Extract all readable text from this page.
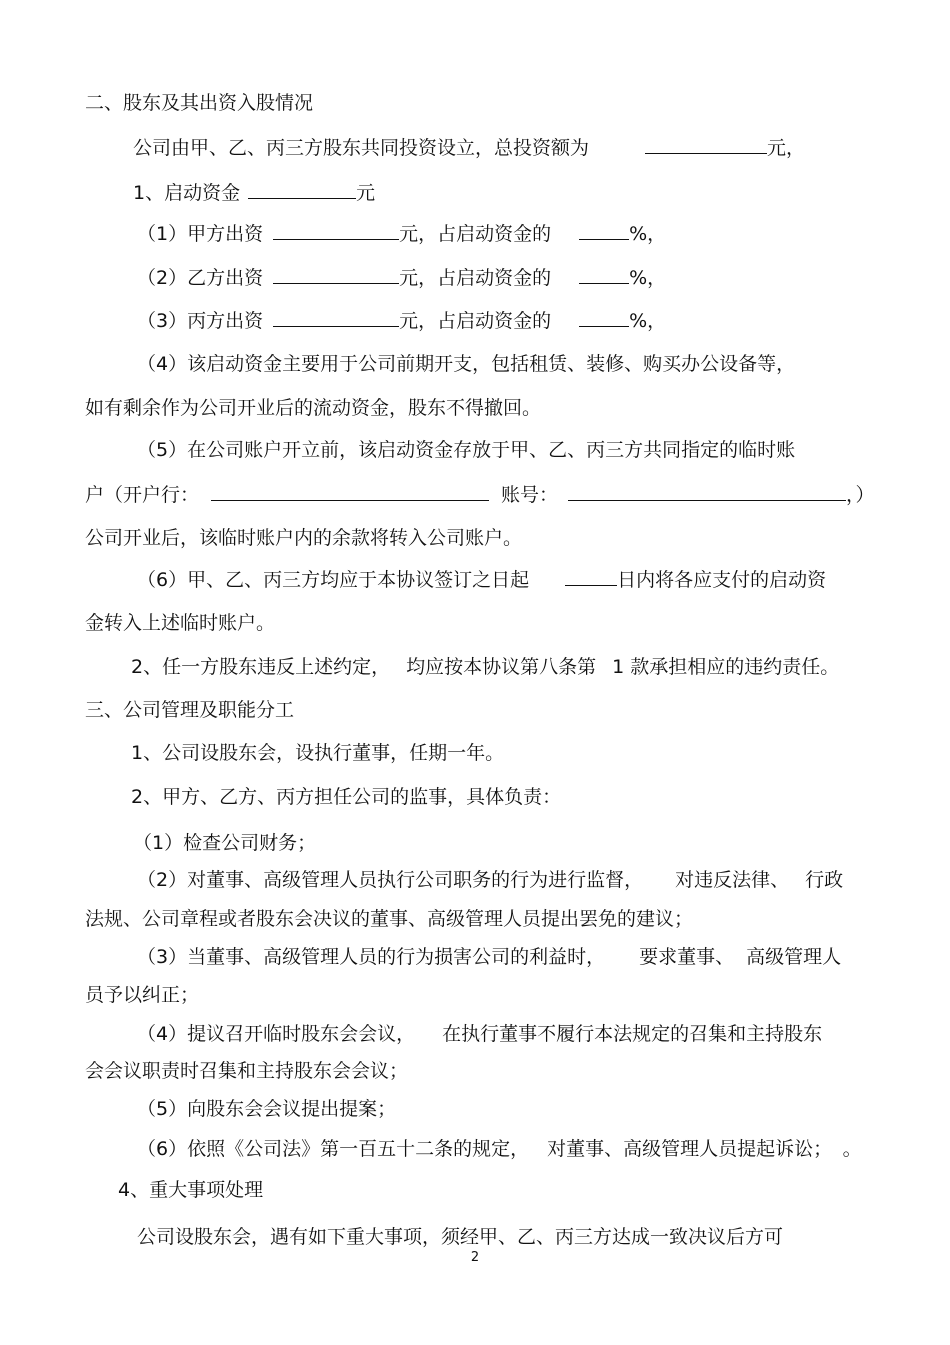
二、股东及其出资入股情况
公司由甲、乙、丙三方股东共同投资设立，总投资额为	元，
1、启动资金	元
（1）甲方出资	元，占启动资金的	%，
（2）乙方出资	元，占启动资金的	%，
（3）丙方出资	元，占启动资金的	%，
（4）该启动资金主要用于公司前期开支，包括租赁、装修、购买办公设备等，
如有剩余作为公司开业后的流动资金，股东不得撤回。
（5）在公司账户开立前，该启动资金存放于甲、乙、丙三方共同指定的临时账
户（开户行：	账号：	，）
公司开业后，该临时账户内的余款将转入公司账户。
（6）甲、乙、丙三方均应于本协议签订之日起	日内将各应支付的启动资
金转入上述临时账户。
2、任一方股东违反上述约定， 均应按本协议第八条第 1 款承担相应的违约责任。
三、公司管理及职能分工
1、公司设股东会，设执行董事，任期一年。
2、甲方、乙方、丙方担任公司的监事，具体负责：
（1）检查公司财务；
（2）对董事、高级管理人员执行公司职务的行为进行监督， 对违反法律、 行政
法规、公司章程或者股东会决议的董事、高级管理人员提出罢免的建议；
（3）当董事、高级管理人员的行为损害公司的利益时， 要求董事、 高级管理人
员予以纠正；
（4）提议召开临时股东会会议， 在执行董事不履行本法规定的召集和主持股东
会会议职责时召集和主持股东会会议；
（5）向股东会会议提出提案；
（6）依照《公司法》第一百五十二条的规定， 对董事、高级管理人员提起诉讼； 。
4、重大事项处理
公司设股东会，遇有如下重大事项，须经甲、乙、丙三方达成一致决议后方可
2
